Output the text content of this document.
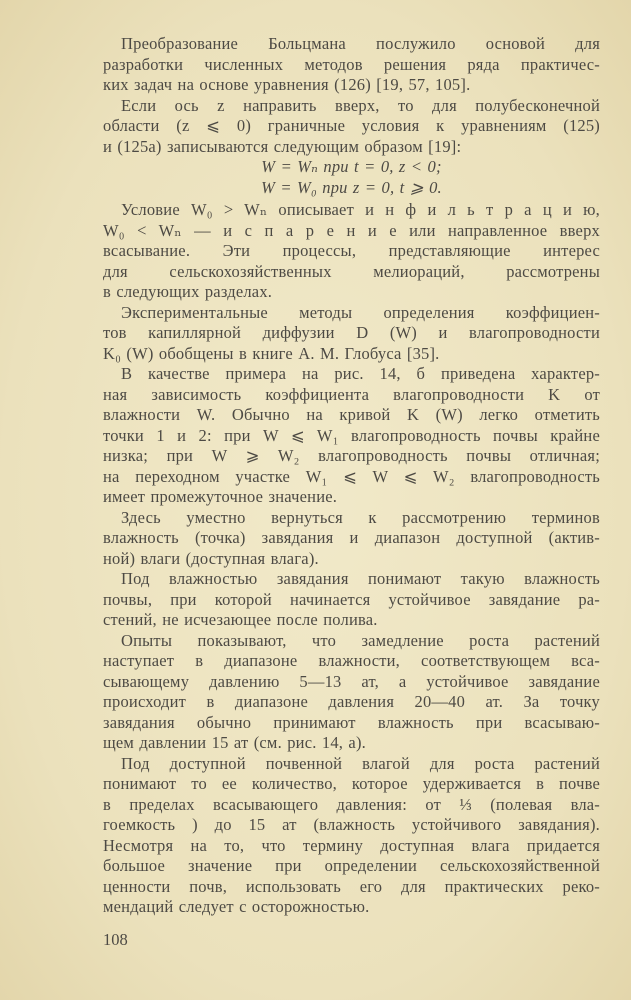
Преобразование Больцмана послужило основой для
разработки численных методов решения ряда практичес-
ких задач на основе уравнения (126) [19, 57, 105].
Если ось z направить вверх, то для полубесконечной
области (z ⩽ 0) граничные условия к уравнениям (125)
и (125а) записываются следующим образом [19]:
W = Wₙ при t = 0, z < 0;
W = W₀ при z = 0, t ⩾ 0.
Условие W₀ > Wₙ описывает и н ф и л ь т р а ц и ю,
W₀ < Wₙ — и с п а р е н и е или направленное вверх
всасывание. Эти процессы, представляющие интерес
для сельскохозяйственных мелиораций, рассмотрены
в следующих разделах.
Экспериментальные методы определения коэффициен-
тов капиллярной диффузии D (W) и влагопроводности
K₀ (W) обобщены в книге А. М. Глобуса [35].
В качестве примера на рис. 14, б приведена характер-
ная зависимость коэффициента влагопроводности K от
влажности W. Обычно на кривой K (W) легко отметить
точки 1 и 2: при W ⩽ W₁ влагопроводность почвы крайне
низка; при W ⩾ W₂ влагопроводность почвы отличная;
на переходном участке W₁ ⩽ W ⩽ W₂ влагопроводность
имеет промежуточное значение.
Здесь уместно вернуться к рассмотрению терминов
влажность (точка) завядания и диапазон доступной (актив-
ной) влаги (доступная влага).
Под влажностью завядания понимают такую влажность
почвы, при которой начинается устойчивое завядание ра-
стений, не исчезающее после полива.
Опыты показывают, что замедление роста растений
наступает в диапазоне влажности, соответствующем вса-
сывающему давлению 5—13 ат, а устойчивое завядание
происходит в диапазоне давления 20—40 ат. За точку
завядания обычно принимают влажность при всасываю-
щем давлении 15 ат (см. рис. 14, а).
Под доступной почвенной влагой для роста растений
понимают то ее количество, которое удерживается в почве
в пределах всасывающего давления: от ⅓ (полевая вла-
гоемкость ) до 15 ат (влажность устойчивого завядания).
Несмотря на то, что термину доступная влага придается
большое значение при определении сельскохозяйственной
ценности почв, использовать его для практических реко-
мендаций следует с осторожностью.
108
